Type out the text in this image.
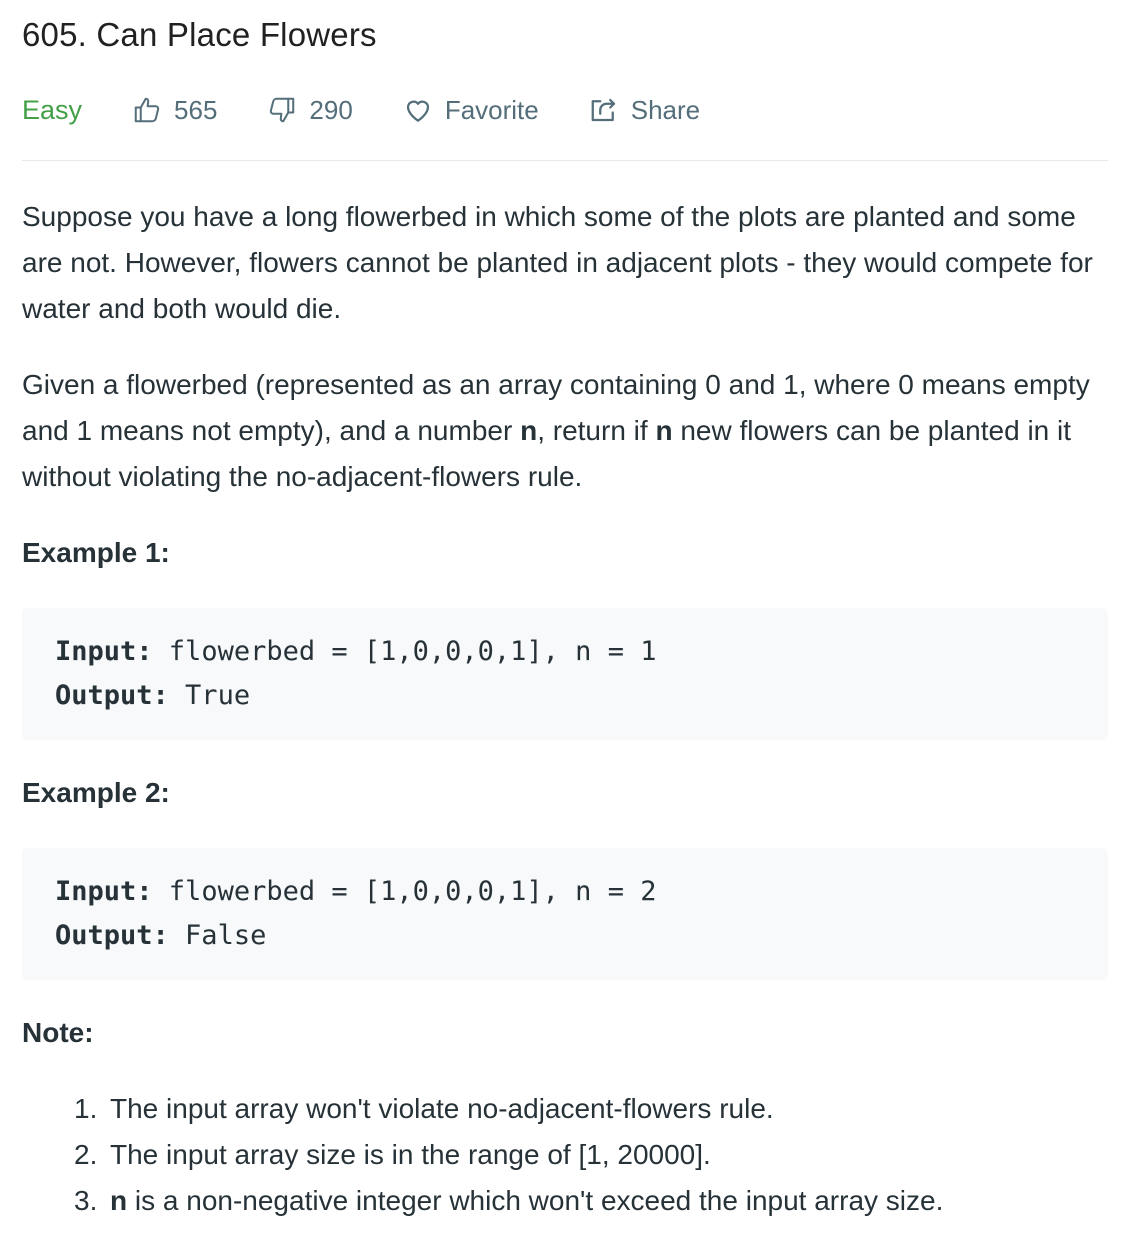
605. Can Place Flowers
Easy	565	290	Favorite	Share

Suppose you have a long flowerbed in which some of the plots are planted and some are not. However, flowers cannot be planted in adjacent plots - they would compete for water and both would die.

Given a flowerbed (represented as an array containing 0 and 1, where 0 means empty and 1 means not empty), and a number n, return if n new flowers can be planted in it without violating the no-adjacent-flowers rule.

Example 1:
Input: flowerbed = [1,0,0,0,1], n = 1
Output: True
Example 2:
Input: flowerbed = [1,0,0,0,1], n = 2
Output: False
Note:
1. The input array won't violate no-adjacent-flowers rule.
2. The input array size is in the range of [1, 20000].
3. n is a non-negative integer which won't exceed the input array size.
